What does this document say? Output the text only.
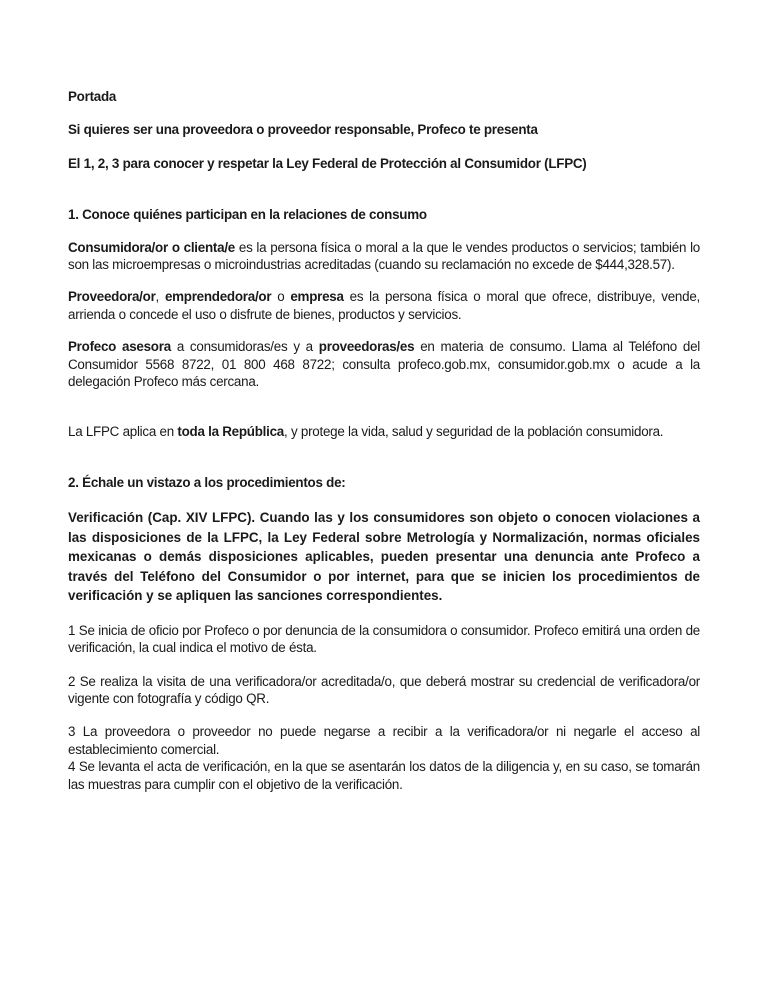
Portada

Si quieres ser una proveedora o proveedor responsable, Profeco te presenta

El 1, 2, 3 para conocer y respetar la Ley Federal de Protección al Consumidor (LFPC)

1. Conoce quiénes participan en la relaciones de consumo

Consumidora/or o clienta/e es la persona física o moral a la que le vendes productos o servicios; también lo son las microempresas o microindustrias acreditadas (cuando su reclamación no excede de $444,328.57).

Proveedora/or, emprendedora/or o empresa es la persona física o moral que ofrece, distribuye, vende, arrienda o concede el uso o disfrute de bienes, productos y servicios.

Profeco asesora a consumidoras/es y a proveedoras/es en materia de consumo. Llama al Teléfono del Consumidor 5568 8722, 01 800 468 8722; consulta profeco.gob.mx, consumidor.gob.mx o acude a la delegación Profeco más cercana.

La LFPC aplica en toda la República, y protege la vida, salud y seguridad de la población consumidora.

2. Échale un vistazo a los procedimientos de:

Verificación (Cap. XIV LFPC). Cuando las y los consumidores son objeto o conocen violaciones a las disposiciones de la LFPC, la Ley Federal sobre Metrología y Normalización, normas oficiales mexicanas o demás disposiciones aplicables, pueden presentar una denuncia ante Profeco a través del Teléfono del Consumidor o por internet, para que se inicien los procedimientos de verificación y se apliquen las sanciones correspondientes.

1 Se inicia de oficio por Profeco o por denuncia de la consumidora o consumidor. Profeco emitirá una orden de verificación, la cual indica el motivo de ésta.

2 Se realiza la visita de una verificadora/or acreditada/o, que deberá mostrar su credencial de verificadora/or vigente con fotografía y código QR.

3 La proveedora o proveedor no puede negarse a recibir a la verificadora/or ni negarle el acceso al establecimiento comercial.

4 Se levanta el acta de verificación, en la que se asentarán los datos de la diligencia y, en su caso, se tomarán las muestras para cumplir con el objetivo de la verificación.
